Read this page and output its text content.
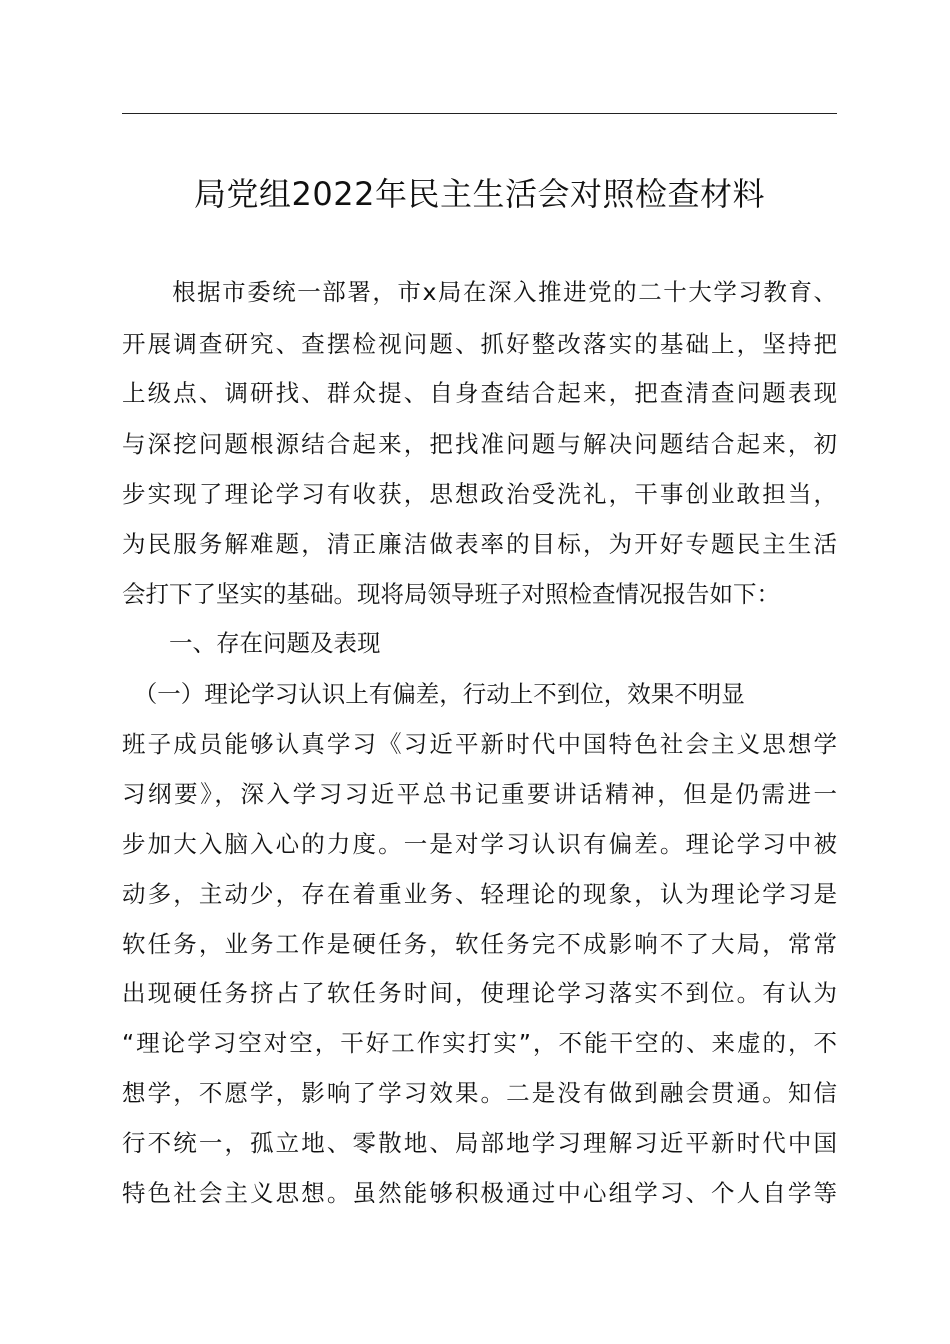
局党组2022年民主生活会对照检查材料
　　根据市委统一部署，市x局在深入推进党的二十大学习教育、
开展调查研究、查摆检视问题、抓好整改落实的基础上，坚持把
上级点、调研找、群众提、自身查结合起来，把查清查问题表现
与深挖问题根源结合起来，把找准问题与解决问题结合起来，初
步实现了理论学习有收获，思想政治受洗礼，干事创业敢担当，
为民服务解难题，清正廉洁做表率的目标，为开好专题民主生活
会打下了坚实的基础。现将局领导班子对照检查情况报告如下：
　　一、存在问题及表现
　（一）理论学习认识上有偏差，行动上不到位，效果不明显
班子成员能够认真学习《习近平新时代中国特色社会主义思想学
习纲要》，深入学习习近平总书记重要讲话精神，但是仍需进一
步加大入脑入心的力度。一是对学习认识有偏差。理论学习中被
动多，主动少，存在着重业务、轻理论的现象，认为理论学习是
软任务，业务工作是硬任务，软任务完不成影响不了大局，常常
出现硬任务挤占了软任务时间，使理论学习落实不到位。有认为
“理论学习空对空，干好工作实打实”，不能干空的、来虚的，不
想学，不愿学，影响了学习效果。二是没有做到融会贯通。知信
行不统一，孤立地、零散地、局部地学习理解习近平新时代中国
特色社会主义思想。虽然能够积极通过中心组学习、个人自学等
